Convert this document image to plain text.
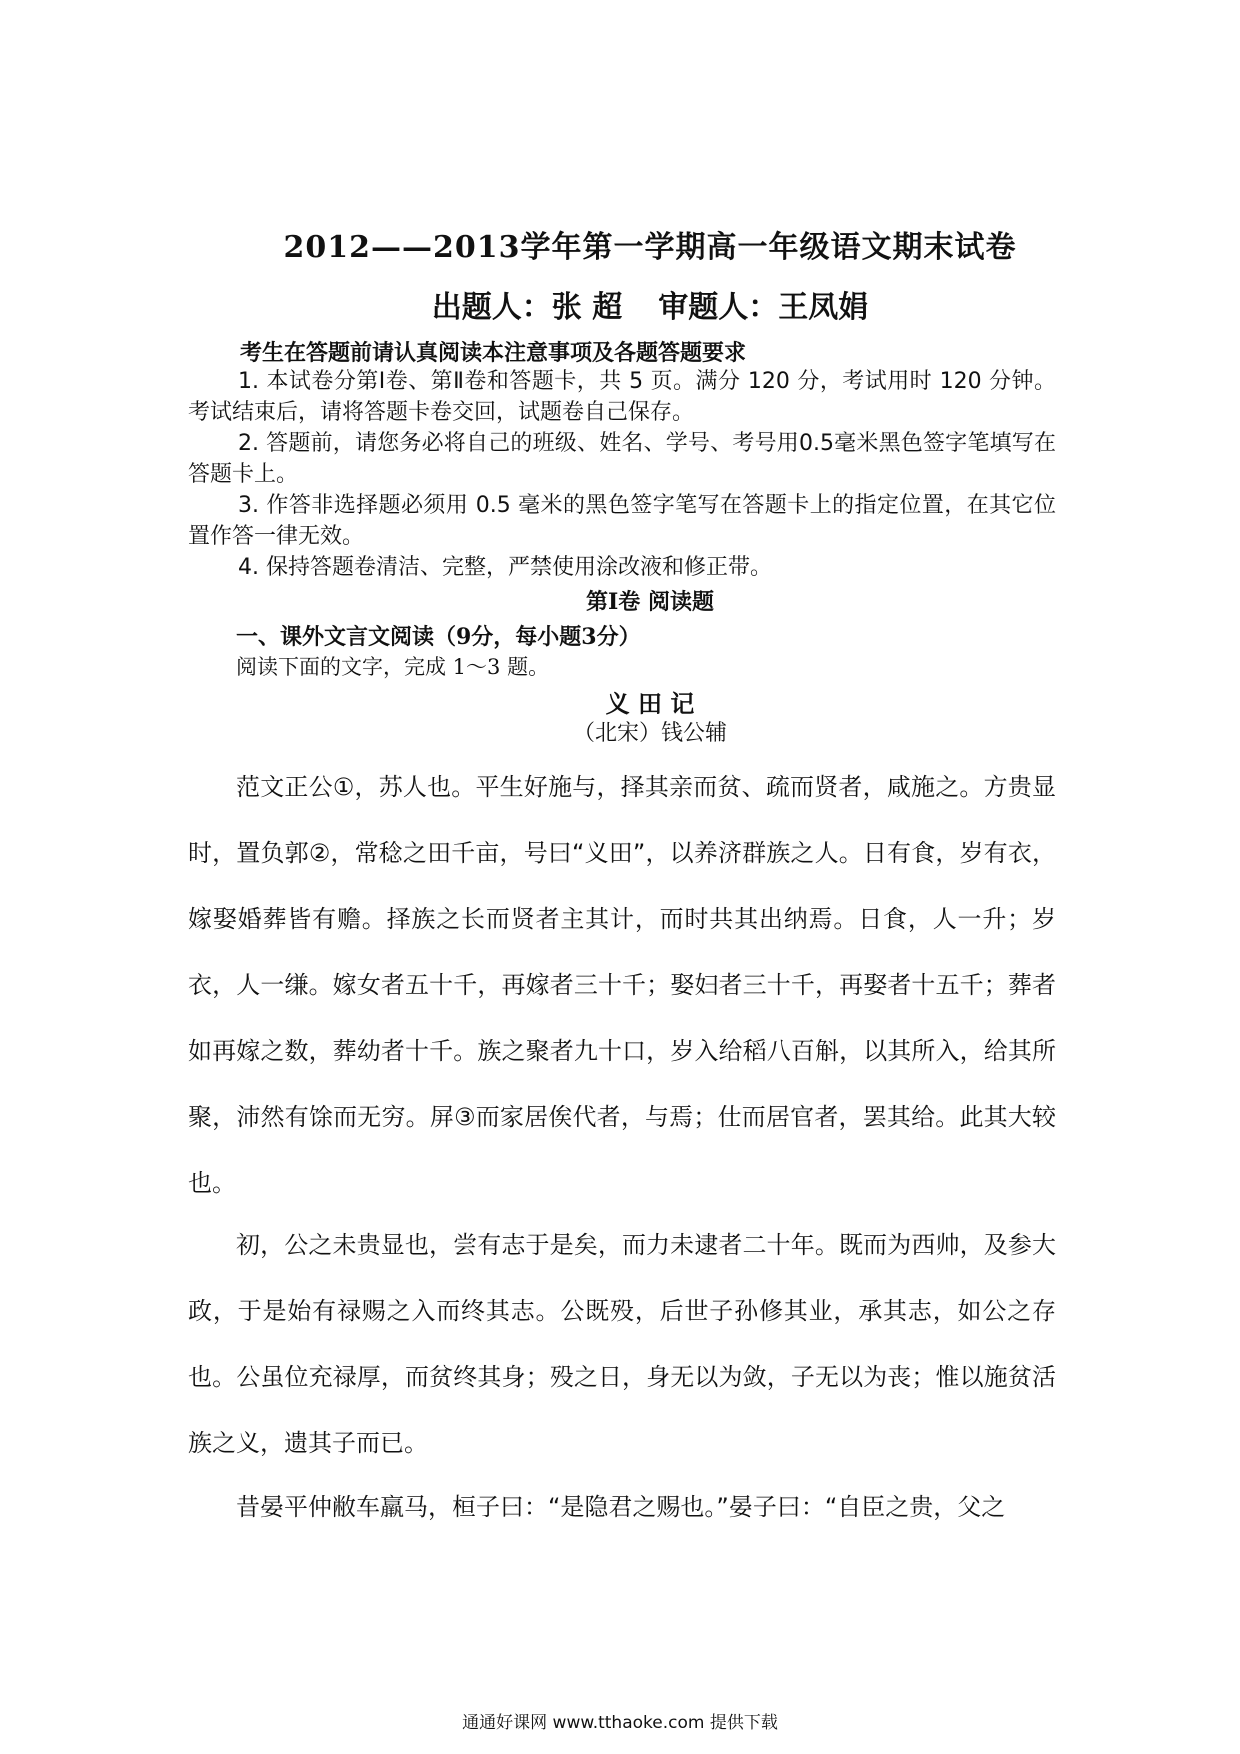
2012——2013学年第一学期高一年级语文期末试卷
出题人：张 超 审题人：王凤娟
考生在答题前请认真阅读本注意事项及各题答题要求

1. 本试卷分第Ⅰ卷、第Ⅱ卷和答题卡，共 5 页。满分 120 分，考试用时 120 分钟。考试结束后，请将答题卡卷交回，试题卷自己保存。

2. 答题前，请您务必将自己的班级、姓名、学号、考号用0.5毫米黑色签字笔填写在答题卡上。

3. 作答非选择题必须用 0.5 毫米的黑色签字笔写在答题卡上的指定位置，在其它位置作答一律无效。

4. 保持答题卷清洁、完整，严禁使用涂改液和修正带。

第Ⅰ卷 阅读题
一、课外文言文阅读（9分，每小题3分）
阅读下面的文字，完成 1～3 题。
义 田 记
（北宋）钱公辅

范文正公①，苏人也。平生好施与，择其亲而贫、疏而贤者，咸施之。方贵显时，置负郭②，常稔之田千亩，号曰“义田”，以养济群族之人。日有食，岁有衣，嫁娶婚葬皆有赡。择族之长而贤者主其计，而时共其出纳焉。日食，人一升；岁衣，人一缣。嫁女者五十千，再嫁者三十千；娶妇者三十千，再娶者十五千；葬者如再嫁之数，葬幼者十千。族之聚者九十口，岁入给稻八百斛，以其所入，给其所聚，沛然有馀而无穷。屏③而家居俟代者，与焉；仕而居官者，罢其给。此其大较也。

初，公之未贵显也，尝有志于是矣，而力未逮者二十年。既而为西帅，及参大政，于是始有禄赐之入而终其志。公既殁，后世子孙修其业，承其志，如公之存也。公虽位充禄厚，而贫终其身；殁之日，身无以为敛，子无以为丧；惟以施贫活族之义，遗其子而已。

昔晏平仲敝车羸马，桓子曰：“是隐君之赐也。”晏子曰：“自臣之贵，父之

通通好课网 www.tthaoke.com 提供下载
